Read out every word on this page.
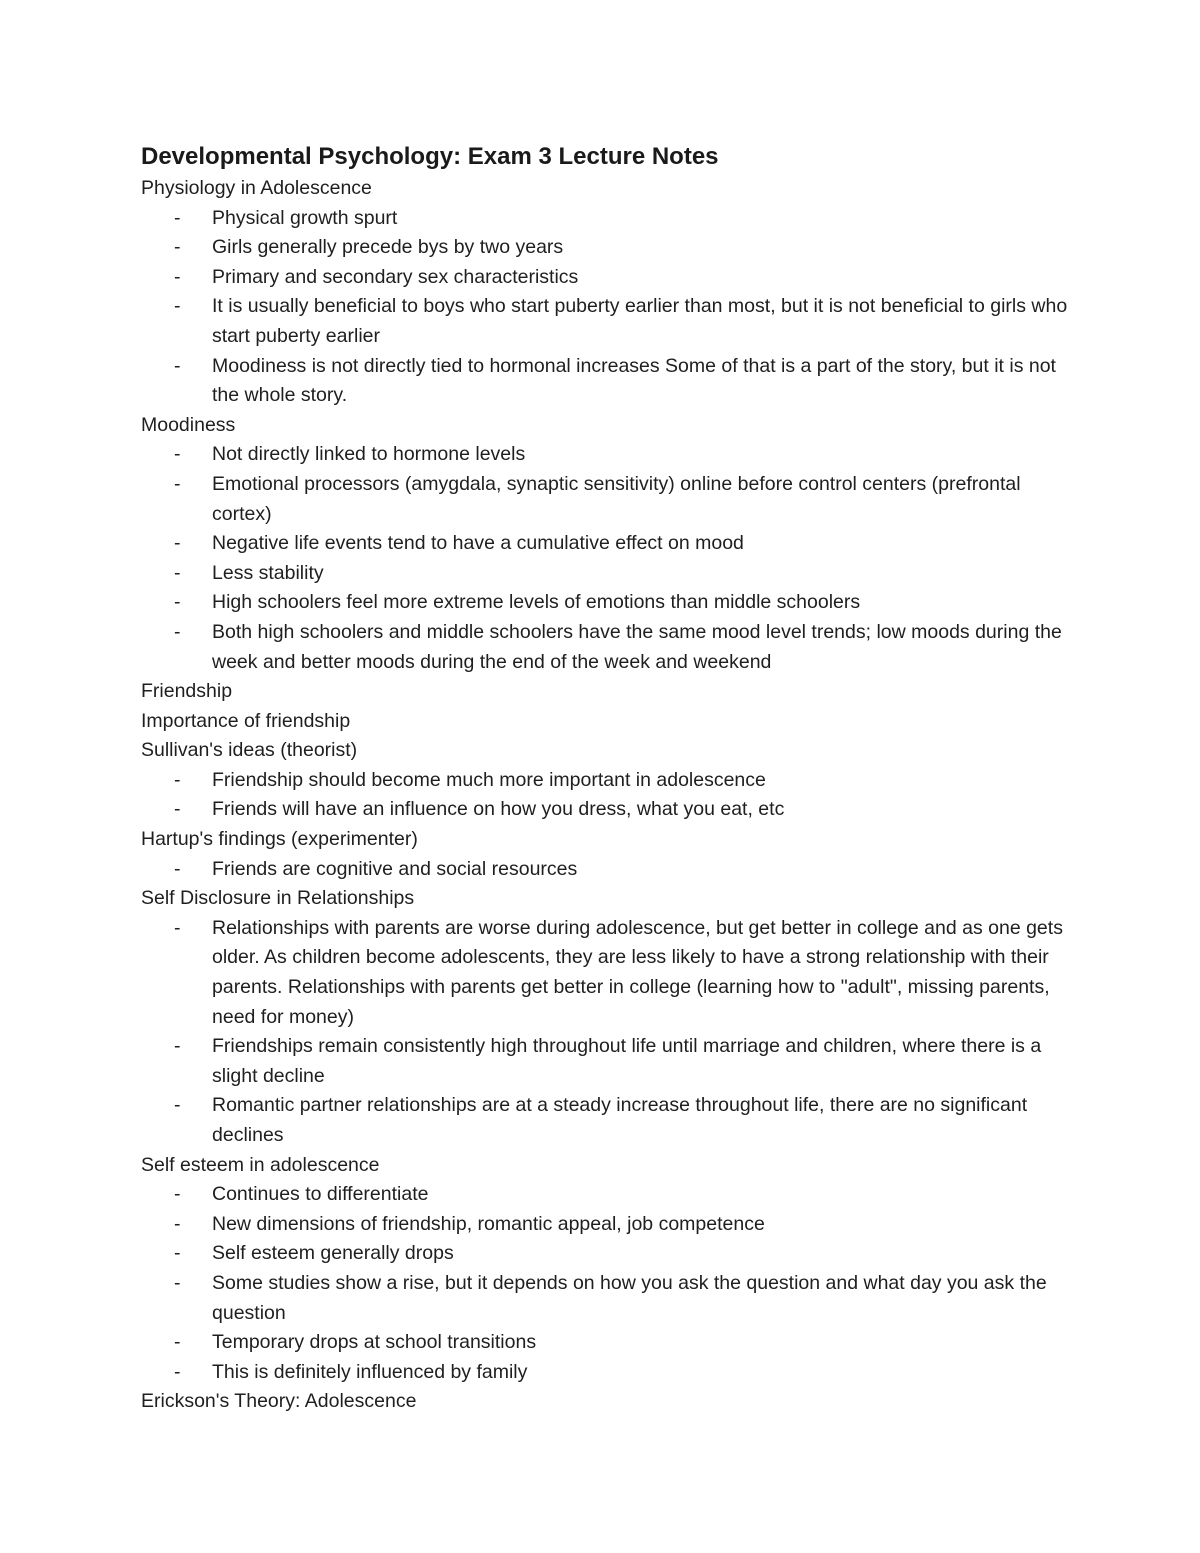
Developmental Psychology: Exam 3 Lecture Notes

Physiology in Adolescence

- Physical growth spurt
- Girls generally precede bys by two years
- Primary and secondary sex characteristics
- It is usually beneficial to boys who start puberty earlier than most, but it is not beneficial to girls who start puberty earlier
- Moodiness is not directly tied to hormonal increases Some of that is a part of the story, but it is not the whole story.

Moodiness

- Not directly linked to hormone levels
- Emotional processors (amygdala, synaptic sensitivity) online before control centers (prefrontal cortex)
- Negative life events tend to have a cumulative effect on mood
- Less stability
- High schoolers feel more extreme levels of emotions than middle schoolers
- Both high schoolers and middle schoolers have the same mood level trends; low moods during the week and better moods during the end of the week and weekend

Friendship

Importance of friendship

Sullivan's ideas (theorist)

- Friendship should become much more important in adolescence
- Friends will have an influence on how you dress, what you eat, etc

Hartup's findings (experimenter)

- Friends are cognitive and social resources

Self Disclosure in Relationships

- Relationships with parents are worse during adolescence, but get better in college and as one gets older. As children become adolescents, they are less likely to have a strong relationship with their parents. Relationships with parents get better in college (learning how to "adult", missing parents, need for money)
- Friendships remain consistently high throughout life until marriage and children, where there is a slight decline
- Romantic partner relationships are at a steady increase throughout life, there are no significant declines

Self esteem in adolescence

- Continues to differentiate
- New dimensions of friendship, romantic appeal, job competence
- Self esteem generally drops
- Some studies show a rise, but it depends on how you ask the question and what day you ask the question
- Temporary drops at school transitions
- This is definitely influenced by family

Erickson's Theory: Adolescence
